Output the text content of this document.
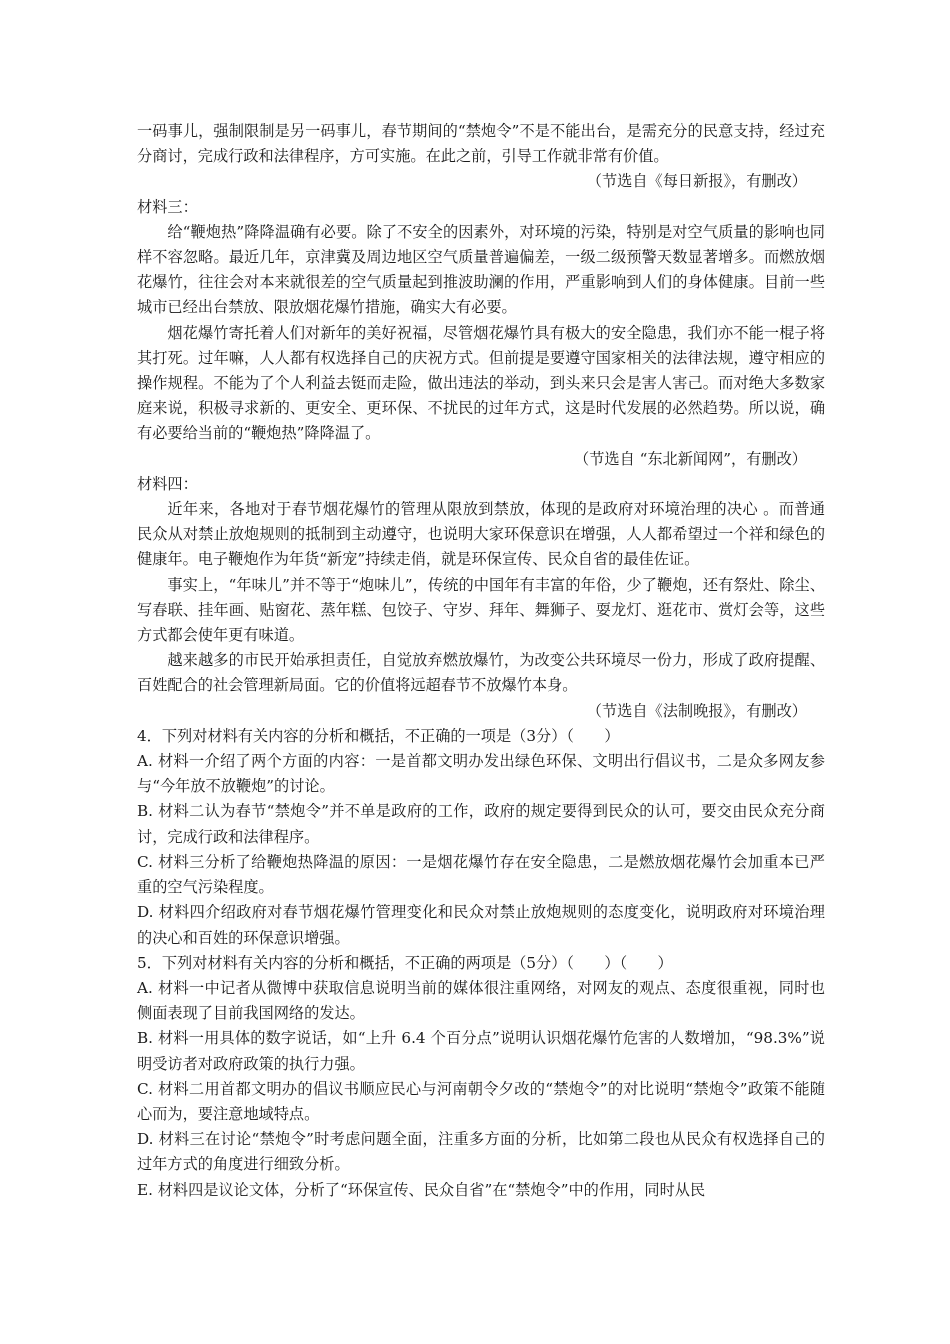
一码事儿，强制限制是另一码事儿，春节期间的“禁炮令”不是不能出台，是需充分的民意支持，经过充分商讨，完成行政和法律程序，方可实施。在此之前，引导工作就非常有价值。

（节选自《每日新报》，有删改）

材料三：

给“鞭炮热”降降温确有必要。除了不安全的因素外，对环境的污染，特别是对空气质量的影响也同样不容忽略。最近几年，京津冀及周边地区空气质量普遍偏差，一级二级预警天数显著增多。而燃放烟花爆竹，往往会对本来就很差的空气质量起到推波助澜的作用，严重影响到人们的身体健康。目前一些城市已经出台禁放、限放烟花爆竹措施，确实大有必要。

烟花爆竹寄托着人们对新年的美好祝福，尽管烟花爆竹具有极大的安全隐患，我们亦不能一棍子将其打死。过年嘛，人人都有权选择自己的庆祝方式。但前提是要遵守国家相关的法律法规，遵守相应的操作规程。不能为了个人利益去铤而走险，做出违法的举动，到头来只会是害人害己。而对绝大多数家庭来说，积极寻求新的、更安全、更环保、不扰民的过年方式，这是时代发展的必然趋势。所以说，确有必要给当前的“鞭炮热”降降温了。

（节选自 “东北新闻网”，有删改）

材料四：

近年来，各地对于春节烟花爆竹的管理从限放到禁放，体现的是政府对环境治理的决心 。而普通民众从对禁止放炮规则的抵制到主动遵守，也说明大家环保意识在增强，人人都希望过一个祥和绿色的健康年。电子鞭炮作为年货“新宠”持续走俏，就是环保宣传、民众自省的最佳佐证。

事实上，“年味儿”并不等于“炮味儿”，传统的中国年有丰富的年俗，少了鞭炮，还有祭灶、除尘、写春联、挂年画、贴窗花、蒸年糕、包饺子、守岁、拜年、舞狮子、耍龙灯、逛花市、赏灯会等，这些方式都会使年更有味道。

越来越多的市民开始承担责任，自觉放弃燃放爆竹，为改变公共环境尽一份力，形成了政府提醒、百姓配合的社会管理新局面。它的价值将远超春节不放爆竹本身。

（节选自《法制晚报》，有删改）

4．下列对材料有关内容的分析和概括，不正确的一项是（3分）（　　）

A. 材料一介绍了两个方面的内容：一是首都文明办发出绿色环保、文明出行倡议书，二是众多网友参与“今年放不放鞭炮”的讨论。

B. 材料二认为春节“禁炮令”并不单是政府的工作，政府的规定要得到民众的认可，要交由民众充分商讨，完成行政和法律程序。

C. 材料三分析了给鞭炮热降温的原因：一是烟花爆竹存在安全隐患，二是燃放烟花爆竹会加重本已严重的空气污染程度。

D. 材料四介绍政府对春节烟花爆竹管理变化和民众对禁止放炮规则的态度变化，说明政府对环境治理的决心和百姓的环保意识增强。

5．下列对材料有关内容的分析和概括，不正确的两项是（5分）（　　）（　　）

A. 材料一中记者从微博中获取信息说明当前的媒体很注重网络，对网友的观点、态度很重视，同时也侧面表现了目前我国网络的发达。

B. 材料一用具体的数字说话，如“上升 6.4 个百分点”说明认识烟花爆竹危害的人数增加，“98.3%”说明受访者对政府政策的执行力强。

C. 材料二用首都文明办的倡议书顺应民心与河南朝令夕改的“禁炮令”的对比说明“禁炮令”政策不能随心而为，要注意地域特点。

D. 材料三在讨论“禁炮令”时考虑问题全面，注重多方面的分析，比如第二段也从民众有权选择自己的过年方式的角度进行细致分析。

E. 材料四是议论文体，分析了“环保宣传、民众自省”在“禁炮令”中的作用，同时从民
